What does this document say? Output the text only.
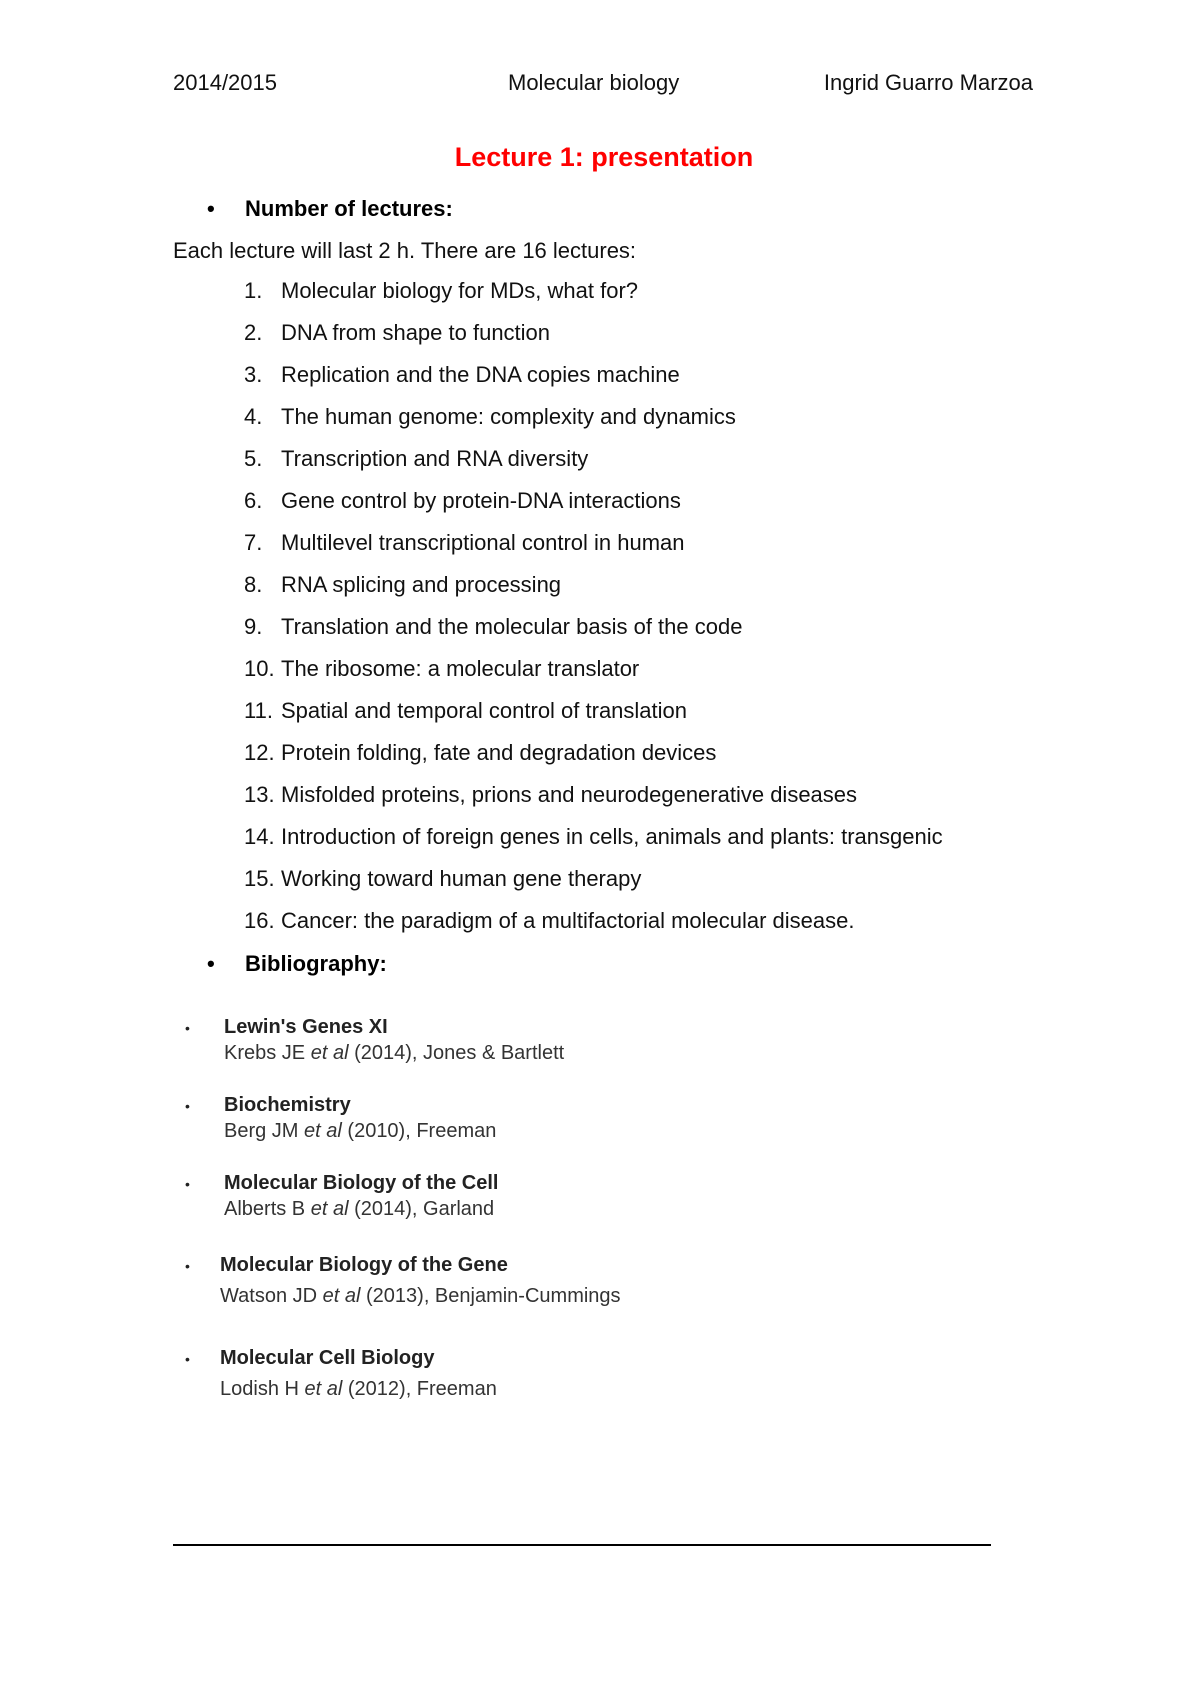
2014/2015	Molecular biology	Ingrid Guarro Marzoa
Lecture 1: presentation
• Number of lectures:
Each lecture will last 2 h. There are 16 lectures:
1. Molecular biology for MDs, what for?
2. DNA from shape to function
3. Replication and the DNA copies machine
4. The human genome: complexity and dynamics
5. Transcription and RNA diversity
6. Gene control by protein-DNA interactions
7. Multilevel transcriptional control in human
8. RNA splicing and processing
9. Translation and the molecular basis of the code
10. The ribosome: a molecular translator
11. Spatial and temporal control of translation
12. Protein folding, fate and degradation devices
13. Misfolded proteins, prions and neurodegenerative diseases
14. Introduction of foreign genes in cells, animals and plants: transgenic
15. Working toward human gene therapy
16. Cancer: the paradigm of a multifactorial molecular disease.
• Bibliography:
• Lewin's Genes XI
Krebs JE et al (2014), Jones & Bartlett
• Biochemistry
Berg JM et al (2010), Freeman
• Molecular Biology of the Cell
Alberts B et al (2014), Garland
• Molecular Biology of the Gene
Watson JD et al (2013), Benjamin-Cummings
• Molecular Cell Biology
Lodish H et al (2012), Freeman
